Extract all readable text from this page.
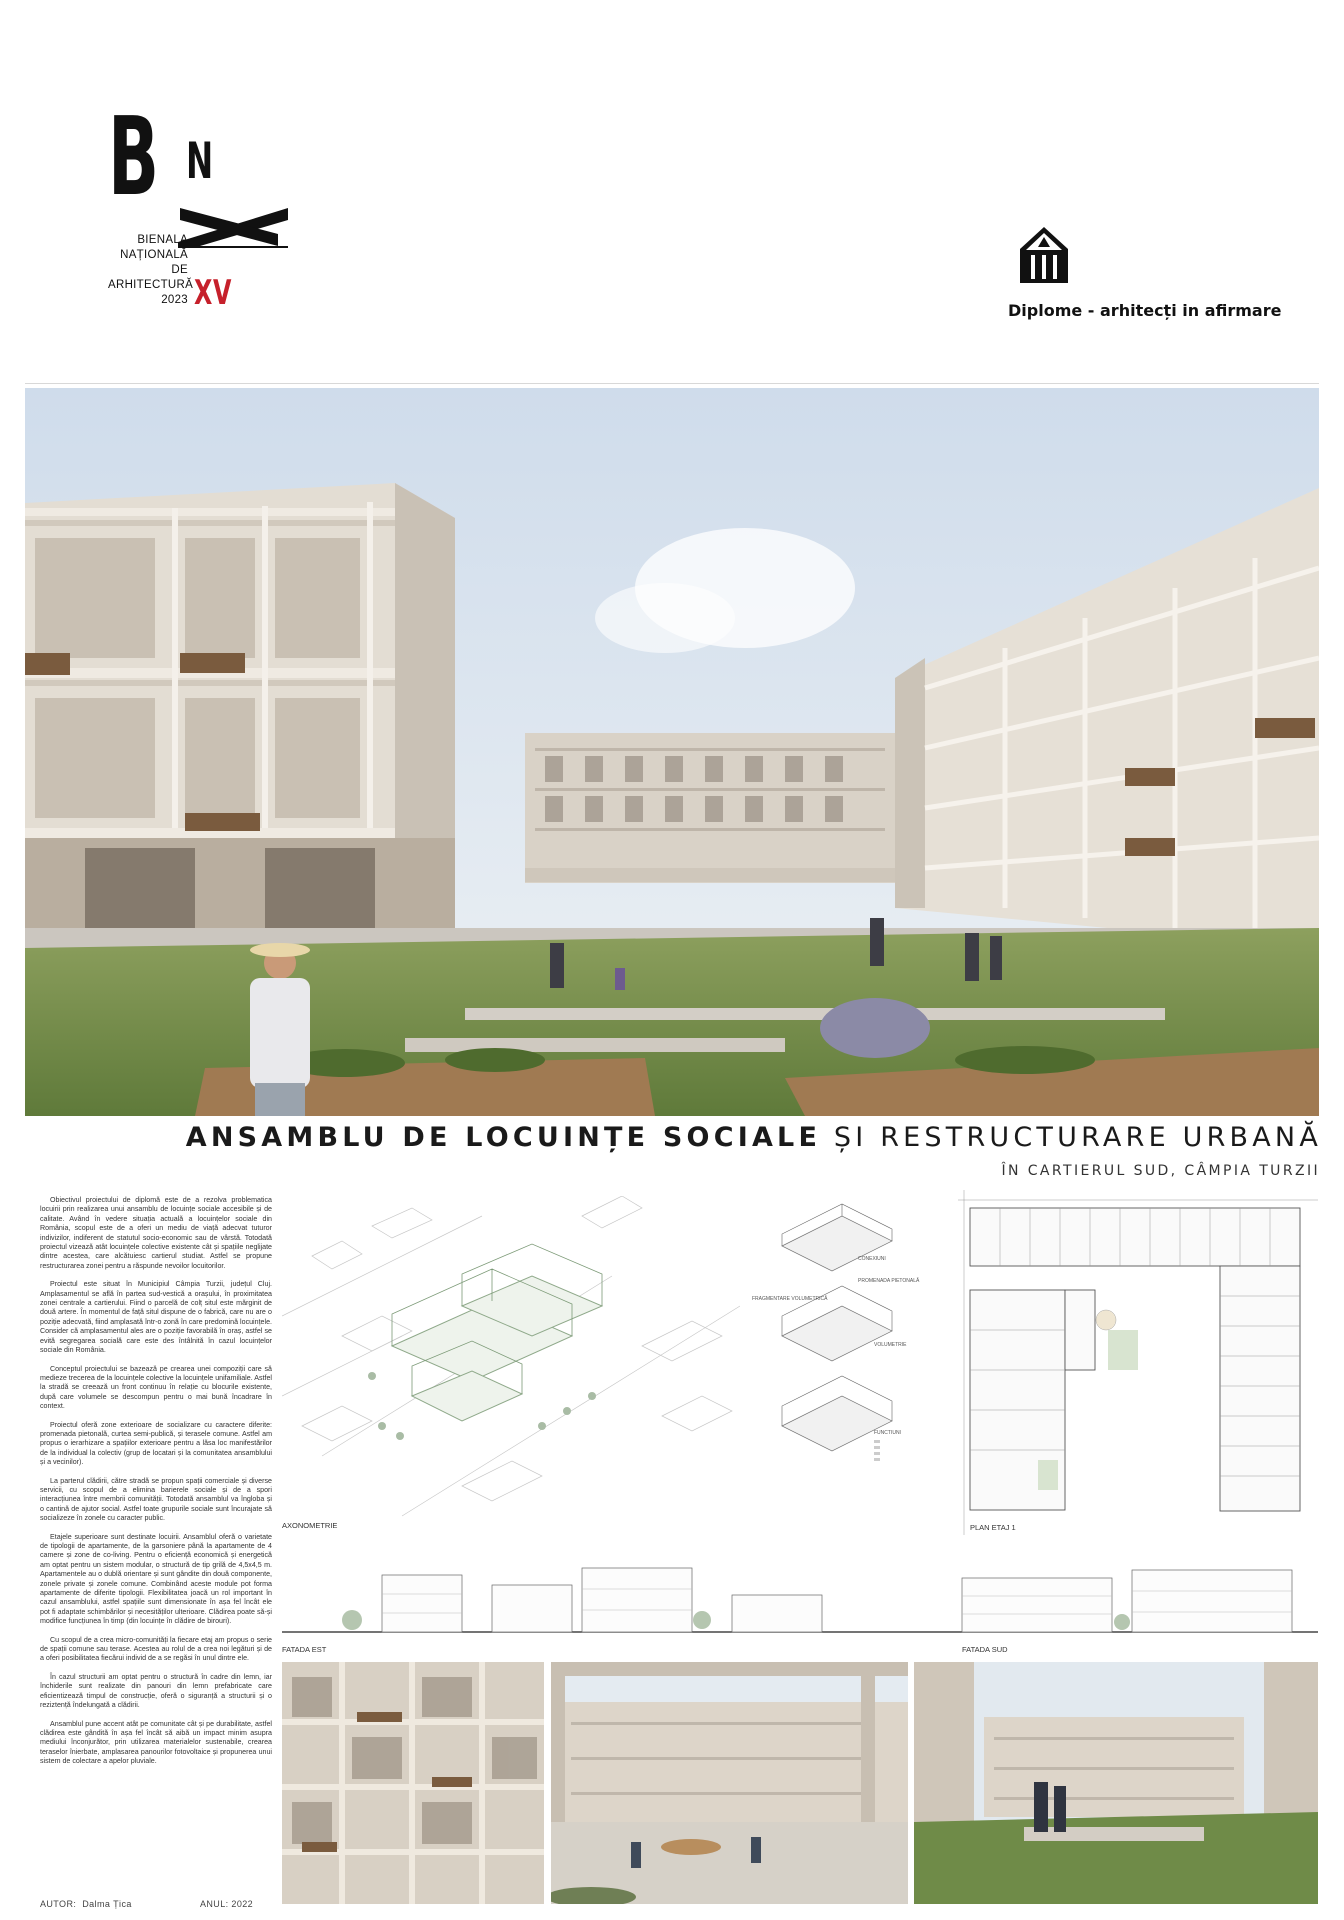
B N
BIENALA
NAȚIONALĂ
DE
ARHITECTURĂ
2023 XV	Diplome - arhitecți in afirmare
ANSAMBLU DE LOCUINȚE SOCIALE ȘI RESTRUCTURARE URBANĂ
ÎN CARTIERUL SUD, CÂMPIA TURZII

Obiectivul proiectului de diplomă este de a rezolva problematica locuirii prin realizarea unui ansamblu de locuințe sociale accesibile și de calitate. Având în vedere situația actuală a locuințelor sociale din România, scopul este de a oferi un mediu de viață adecvat tuturor indivizilor, indiferent de statutul socio-economic sau de vârstă. Totodată proiectul vizează atât locuințele colective existente cât și spațiile neglijate dintre acestea, care alcătuiesc cartierul studiat. Astfel se propune restructurarea zonei pentru a răspunde nevoilor locuitorilor.

Proiectul este situat în Municipiul Câmpia Turzii, județul Cluj. Amplasamentul se află în partea sud-vestică a orașului, în proximitatea zonei centrale a cartierului. Fiind o parcelă de colț situl este mărginit de două artere. În momentul de față situl dispune de o fabrică, care nu are o poziție adecvată, fiind amplasată într-o zonă în care predomină locuințele. Consider că amplasamentul ales are o poziție favorabilă în oraș, astfel se evită segregarea socială care este des întâlnită în cazul locuințelor sociale din România.

Conceptul proiectului se bazează pe crearea unei compoziții care să medieze trecerea de la locuințele colective la locuințele unifamiliale. Astfel la stradă se creează un front continuu în relație cu blocurile existente, după care volumele se descompun pentru o mai bună încadrare în context.

Proiectul oferă zone exterioare de socializare cu caractere diferite: promenada pietonală, curtea semi-publică, și terasele comune. Astfel am propus o ierarhizare a spațiilor exterioare pentru a lăsa loc manifestărilor de la individual la colectiv (grup de locatari și la comunitatea ansamblului și a vecinilor).

La parterul clădirii, către stradă se propun spații comerciale și diverse servicii, cu scopul de a elimina barierele sociale și de a spori interacțiunea între membrii comunității. Totodată ansamblul va îngloba și o cantină de ajutor social. Astfel toate grupurile sociale sunt încurajate să socializeze în zonele cu caracter public.

Etajele superioare sunt destinate locuirii. Ansamblul oferă o varietate de tipologii de apartamente, de la garsoniere până la apartamente de 4 camere și zone de co-living. Pentru o eficiență economică și energetică am optat pentru un sistem modular, o structură de tip grilă de 4,5x4,5 m. Apartamentele au o dublă orientare și sunt gândite din două componente, zonele private și zonele comune. Combinând aceste module pot forma apartamente de diferite tipologii. Flexibilitatea joacă un rol important în cazul ansamblului, astfel spațiile sunt dimensionate în așa fel încât ele pot fi adaptate schimbărilor și necesităților ulterioare. Clădirea poate să-și modifice funcțiunea în timp (din locuințe în clădire de birouri).

Cu scopul de a crea micro-comunități la fiecare etaj am propus o serie de spații comune sau terase. Acestea au rolul de a crea noi legături și de a oferi posibilitatea fiecărui individ de a se regăsi în unul dintre ele.

În cazul structurii am optat pentru o structură în cadre din lemn, iar închiderile sunt realizate din panouri din lemn prefabricate care eficientizează timpul de construcție, oferă o siguranță a structurii și o reziztență îndelungată a clădirii.

Ansamblul pune accent atât pe comunitate cât și pe durabilitate, astfel clădirea este gândită în așa fel încât să aibă un impact minim asupra mediului înconjurător, prin utilizarea materialelor sustenabile, crearea teraselor înierbate, amplasarea panourilor fotovoltaice și propunerea unui sistem de colectare a apelor pluviale.

AUTOR: Dalma Țica	ANUL: 2022
AXONOMETRIE
CONEXIUNI
PROMENADA PIETONALĂ
FRAGMENTARE VOLUMETRICĂ
VOLUMETRIE
FUNCTIUNI
PLAN ETAJ 1
FATADA EST	FATADA SUD
